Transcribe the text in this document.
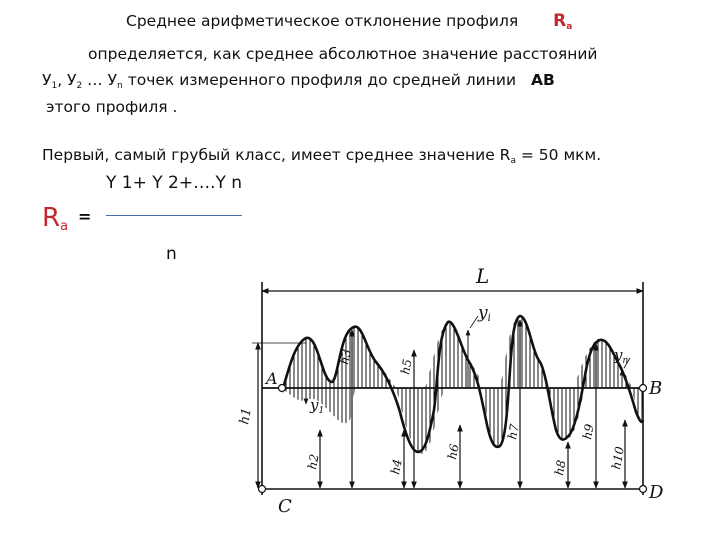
Среднее арифметическое отклонение профиля $R_a$
определяется, как среднее абсолютное значение расстояний
$У_1$, $У_2$ … $У_n$ точек измеренного профиля до средней линии АВ
этого профиля .
Первый, самый грубый класс, имеет среднее значение $R_a = 50$ мкм.
Y 1+ Y 2+….Y n
$R_a=$
n
L
A	B
C
D
$y_1$
yi
$y_n$
h1
h2
h3
h4
h5
h6
h7
h8
h9
h10
